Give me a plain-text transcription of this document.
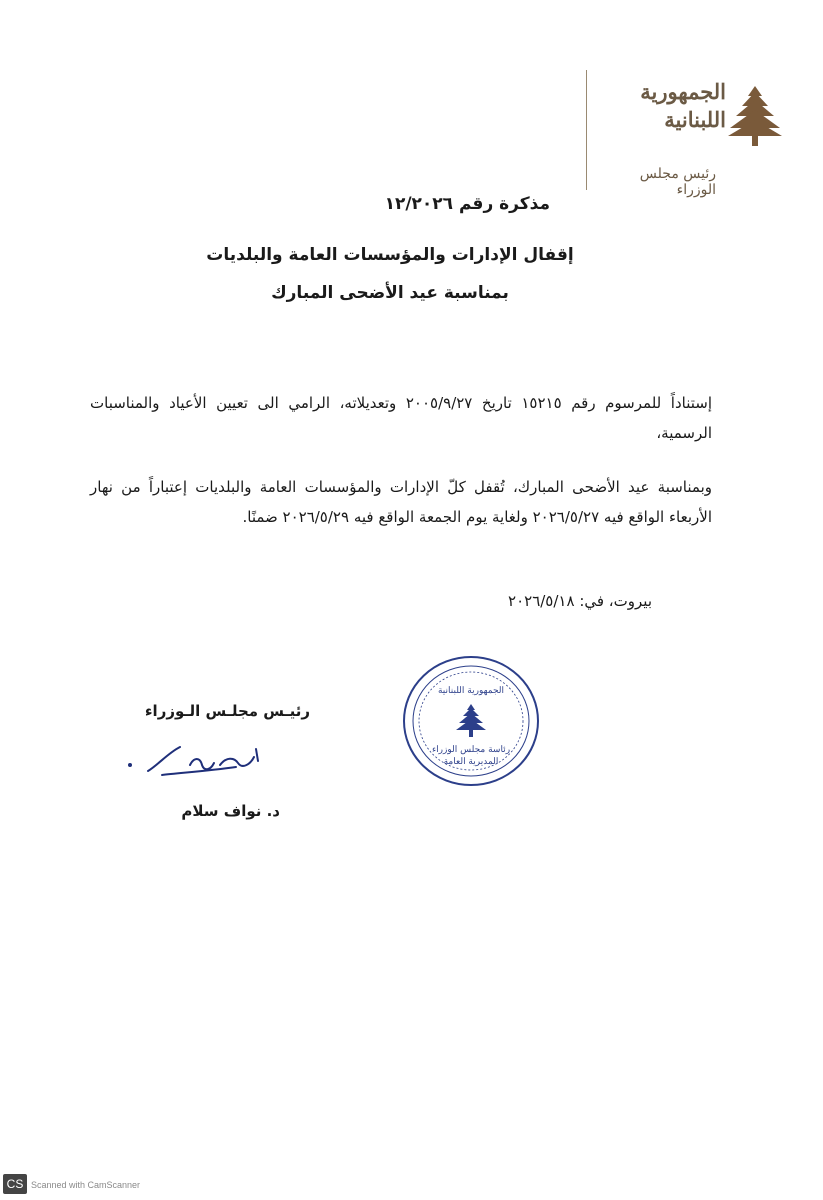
الجمهورية
اللبنانية
رئيس مجلس الوزراء
مذكرة رقم ١٢/٢٠٢٦
إقفال الإدارات والمؤسسات العامة والبلديات
بمناسبة عيد الأضحى المبارك
إستناداً للمرسوم رقم ١٥٢١٥ تاريخ ٢٠٠٥/٩/٢٧ وتعديلاته، الرامي الى تعيين الأعياد والمناسبات الرسمية،
وبمناسبة عيد الأضحى المبارك، تُقفل كلّ الإدارات والمؤسسات العامة والبلديات إعتباراً من نهار الأربعاء الواقع فيه ٢٠٢٦/٥/٢٧ ولغاية يوم الجمعة الواقع فيه ٢٠٢٦/٥/٢٩ ضمنًا.
بيروت، في: ٢٠٢٦/٥/١٨
الجمهورية اللبنانية
رئاسة مجلس الوزراء
المديرية العامة
رئيـس مجلـس الـوزراء
د. نواف سلام
CS Scanned with CamScanner
